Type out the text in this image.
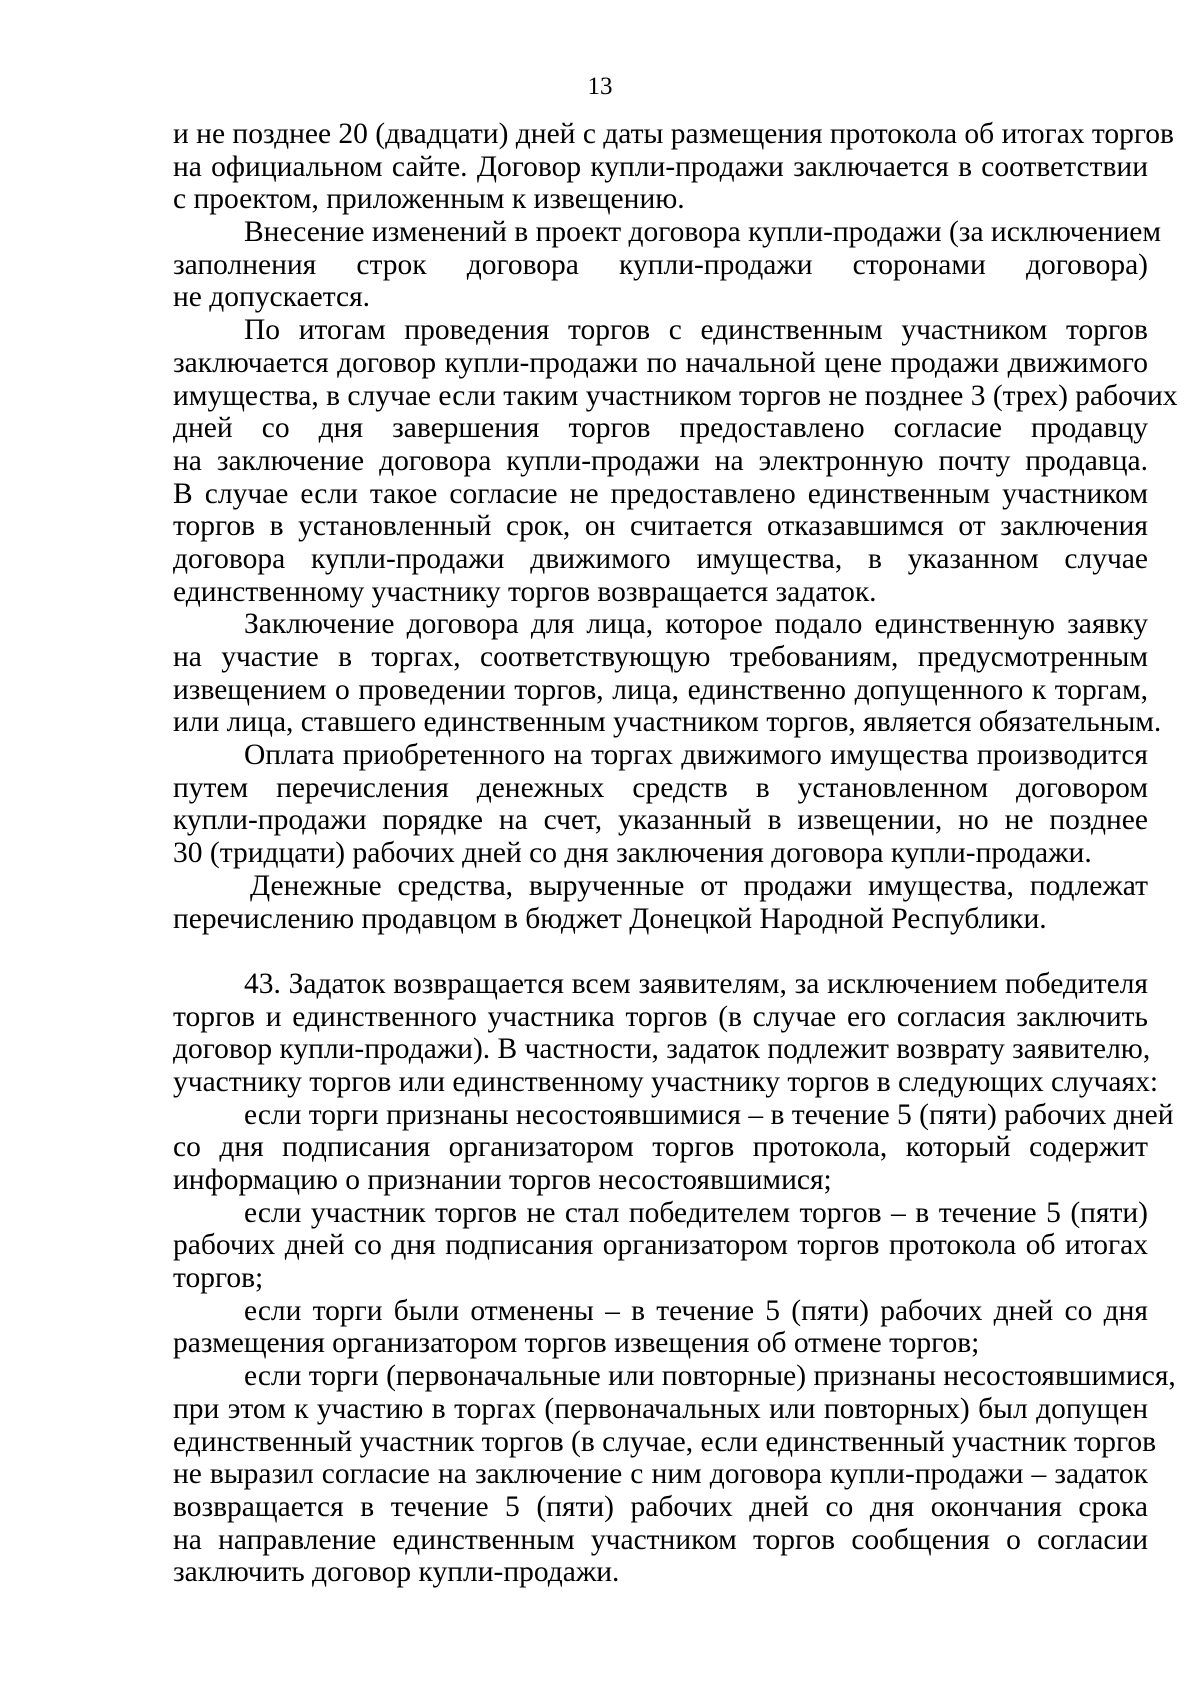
13
и не позднее 20 (двадцати) дней с даты размещения протокола об итогах торгов
на официальном сайте. Договор купли-продажи заключается в соответствии
с проектом, приложенным к извещению.
Внесение изменений в проект договора купли-продажи (за исключением
заполнения строк договора купли-продажи сторонами договора)
не допускается.
По итогам проведения торгов с единственным участником торгов
заключается договор купли-продажи по начальной цене продажи движимого
имущества, в случае если таким участником торгов не позднее 3 (трех) рабочих
дней со дня завершения торгов предоставлено согласие продавцу
на заключение договора купли-продажи на электронную почту продавца.
В случае если такое согласие не предоставлено единственным участником
торгов в установленный срок, он считается отказавшимся от заключения
договора купли-продажи движимого имущества, в указанном случае
единственному участнику торгов возвращается задаток.
Заключение договора для лица, которое подало единственную заявку
на участие в торгах, соответствующую требованиям, предусмотренным
извещением о проведении торгов, лица, единственно допущенного к торгам,
или лица, ставшего единственным участником торгов, является обязательным.
Оплата приобретенного на торгах движимого имущества производится
путем перечисления денежных средств в установленном договором
купли-продажи порядке на счет, указанный в извещении, но не позднее
30 (тридцати) рабочих дней со дня заключения договора купли-продажи.
Денежные средства, вырученные от продажи имущества, подлежат
перечислению продавцом в бюджет Донецкой Народной Республики.
43. Задаток возвращается всем заявителям, за исключением победителя
торгов и единственного участника торгов (в случае его согласия заключить
договор купли-продажи). В частности, задаток подлежит возврату заявителю,
участнику торгов или единственному участнику торгов в следующих случаях:
если торги признаны несостоявшимися – в течение 5 (пяти) рабочих дней
со дня подписания организатором торгов протокола, который содержит
информацию о признании торгов несостоявшимися;
если участник торгов не стал победителем торгов – в течение 5 (пяти)
рабочих дней со дня подписания организатором торгов протокола об итогах
торгов;
если торги были отменены – в течение 5 (пяти) рабочих дней со дня
размещения организатором торгов извещения об отмене торгов;
если торги (первоначальные или повторные) признаны несостоявшимися,
при этом к участию в торгах (первоначальных или повторных) был допущен
единственный участник торгов (в случае, если единственный участник торгов
не выразил согласие на заключение с ним договора купли-продажи – задаток
возвращается в течение 5 (пяти) рабочих дней со дня окончания срока
на направление единственным участником торгов сообщения о согласии
заключить договор купли-продажи.
